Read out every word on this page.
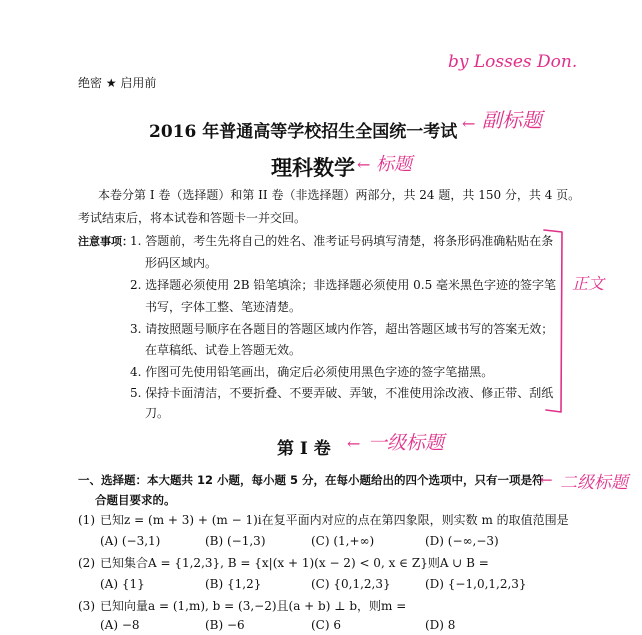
绝密 ★ 启用前
by Losses Don.
2016 年普通高等学校招生全国统一考试 ← 副标题
理科数学 ← 标题
本卷分第 I 卷（选择题）和第 II 卷（非选择题）两部分，共 24 题，共 150 分，共 4 页。
考试结束后，将本试卷和答题卡一并交回。
注意事项：
1. 答题前，考生先将自己的姓名、准考证号码填写清楚，将条形码准确粘贴在条
形码区域内。
2. 选择题必须使用 2B 铅笔填涂；非选择题必须使用 0.5 毫米黑色字迹的签字笔
书写，字体工整、笔迹清楚。
3. 请按照题号顺序在各题目的答题区域内作答，超出答题区域书写的答案无效；
在草稿纸、试卷上答题无效。
4. 作图可先使用铅笔画出，确定后必须使用黑色字迹的签字笔描黑。
5. 保持卡面清洁，不要折叠、不要弄破、弄皱，不准使用涂改液、修正带、刮纸
刀。
正文
第 I 卷 ← 一级标题
一、选择题：本大题共 12 小题，每小题 5 分，在每小题给出的四个选项中，只有一项是符
合题目要求的。
← 二级标题
(1) 已知z = (m + 3) + (m − 1)i在复平面内对应的点在第四象限，则实数 m 的取值范围是
(A) (−3,1)	(B) (−1,3)	(C) (1,+∞)	(D) (−∞,−3)
(2) 已知集合A = {1,2,3}, B = {x|(x + 1)(x − 2) < 0, x ∈ Z}则A ∪ B =
(A) {1}	(B) {1,2}	(C) {0,1,2,3}	(D) {−1,0,1,2,3}
(3) 已知向量a = (1,m), b = (3,−2)且(a + b) ⊥ b，则m =
(A) −8	(B) −6	(C) 6	(D) 8
